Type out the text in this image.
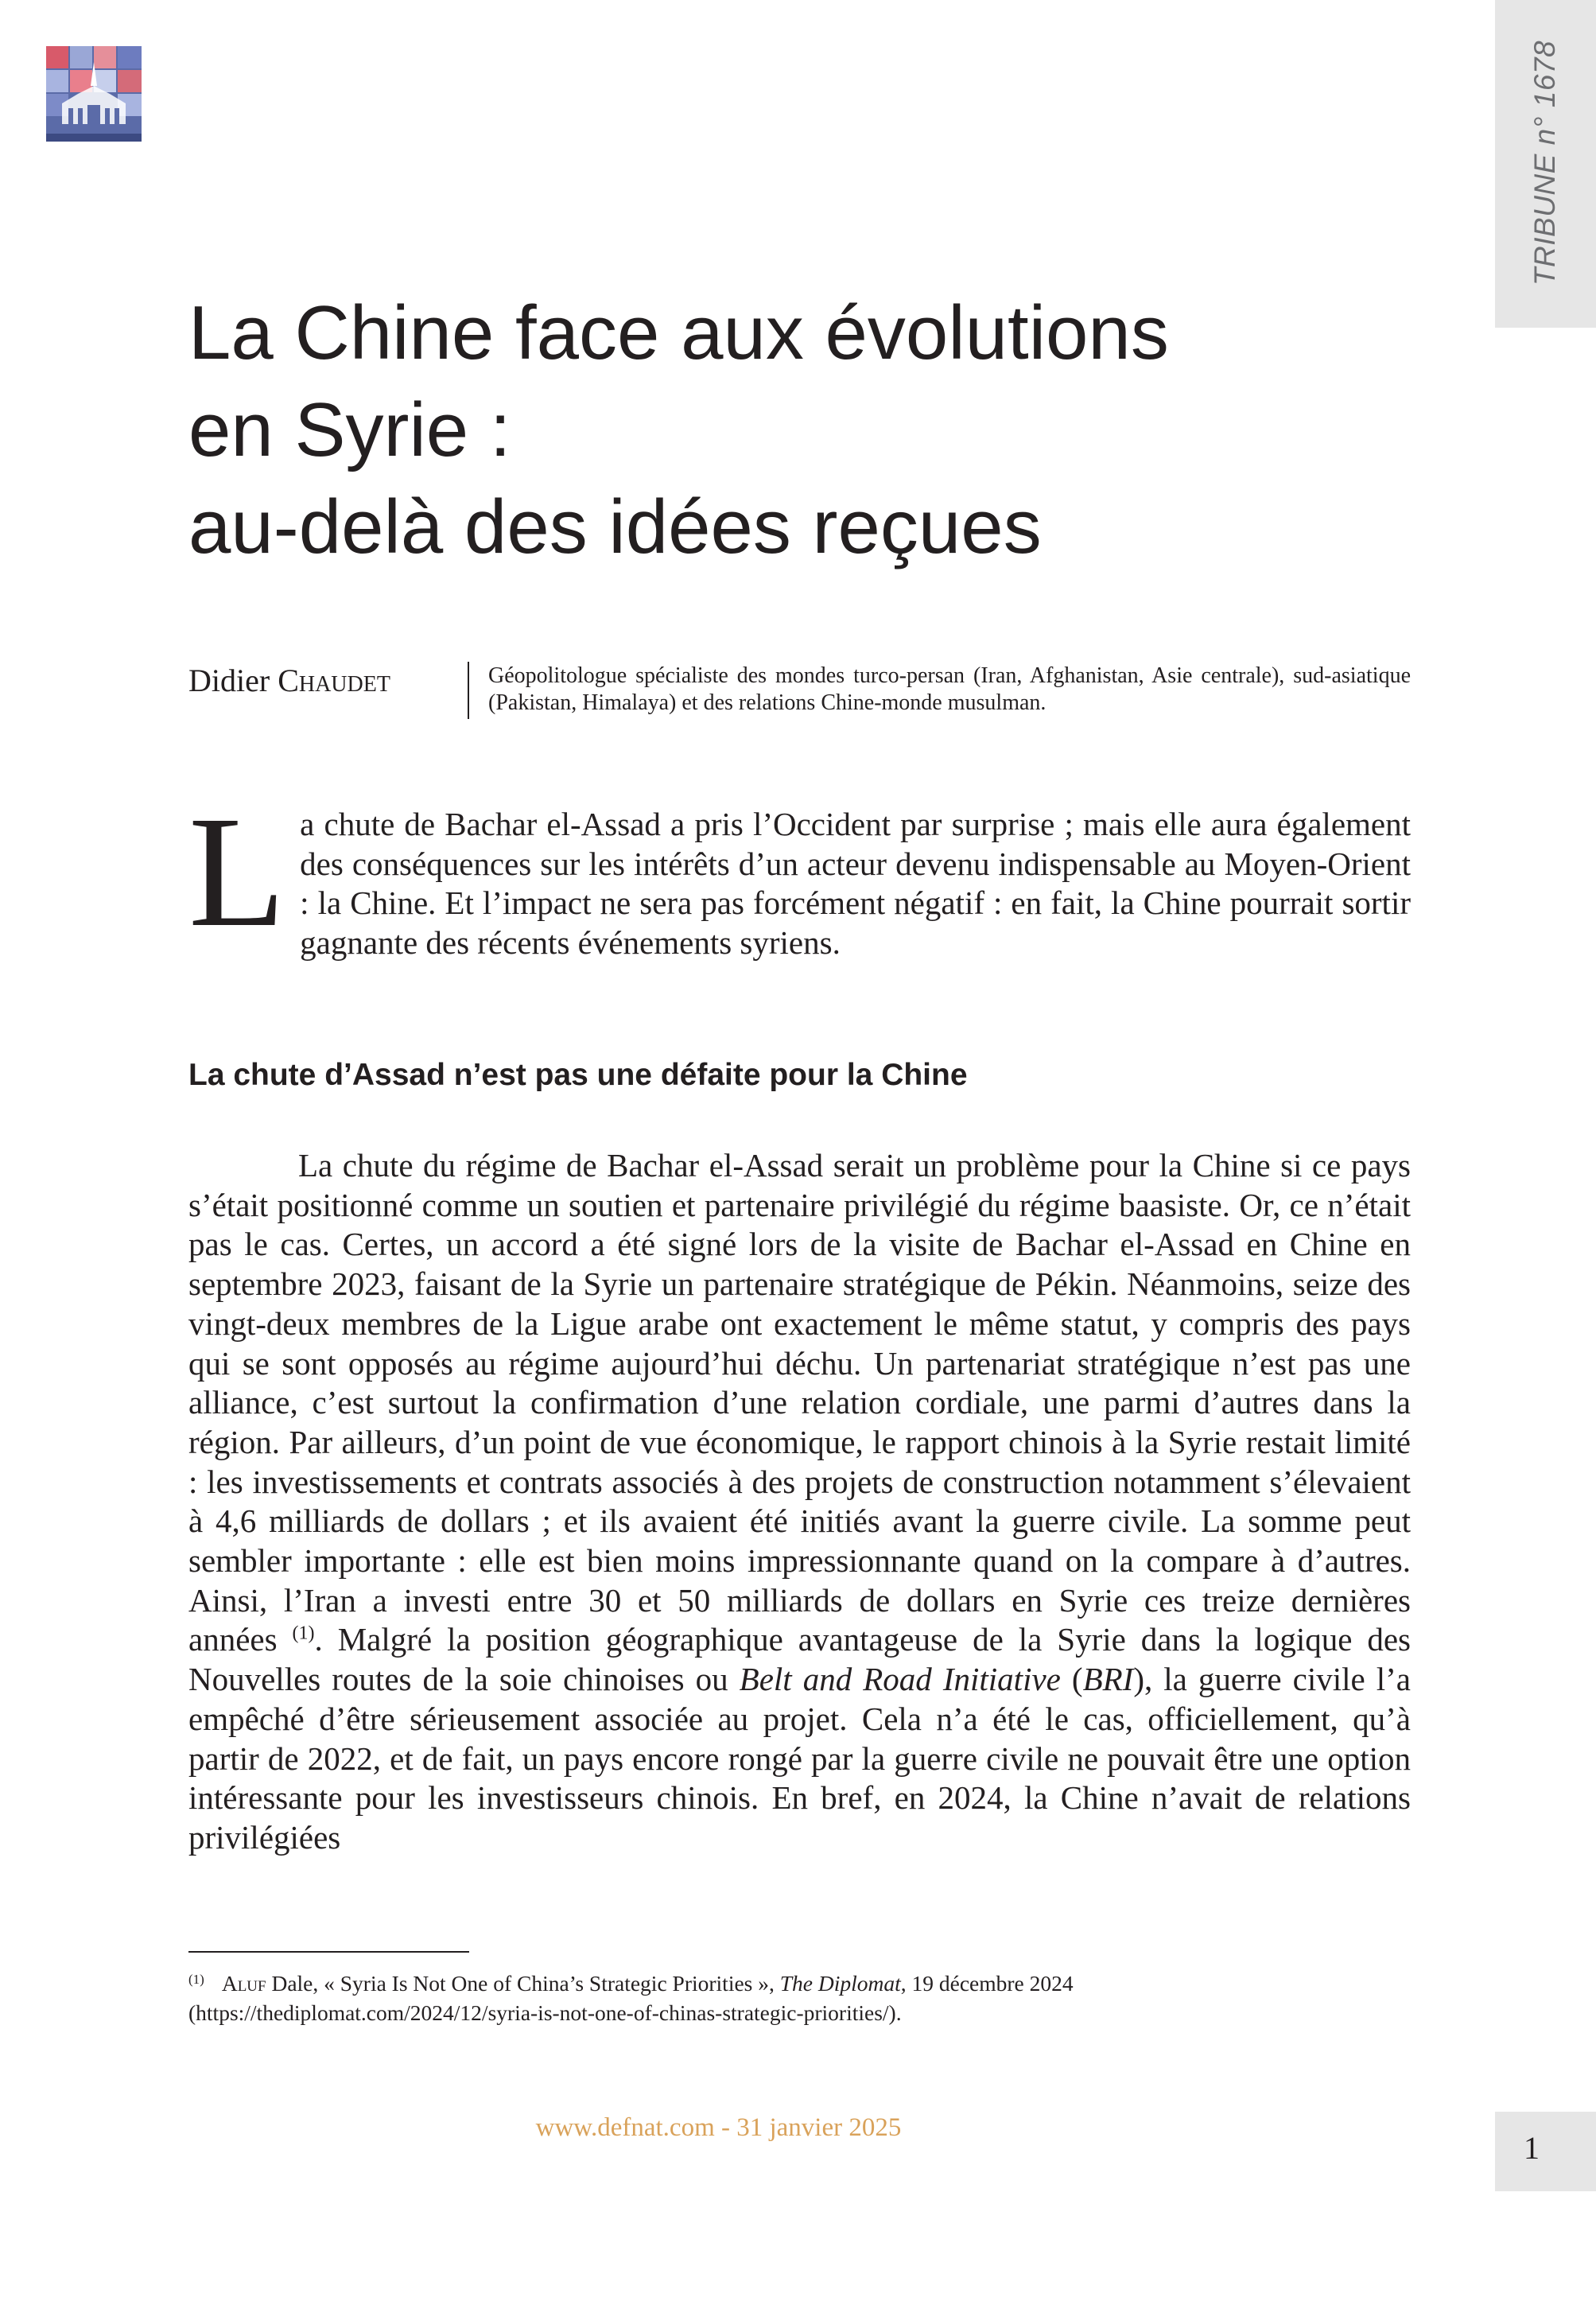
TRIBUNE n° 1678
La Chine face aux évolutions
en Syrie :
au-delà des idées reçues
Didier Chaudet	Géopolitologue spécialiste des mondes turco-persan (Iran, Afghanistan, Asie centrale), sud-asiatique (Pakistan, Himalaya) et des relations Chine-monde musulman.
La chute de Bachar el-Assad a pris l’Occident par surprise ; mais elle aura également des conséquences sur les intérêts d’un acteur devenu indispensable au Moyen-Orient : la Chine. Et l’impact ne sera pas forcément négatif : en fait, la Chine pourrait sortir gagnante des récents événements syriens.
La chute d’Assad n’est pas une défaite pour la Chine

La chute du régime de Bachar el-Assad serait un problème pour la Chine si ce pays s’était positionné comme un soutien et partenaire privilégié du régime baasiste. Or, ce n’était pas le cas. Certes, un accord a été signé lors de la visite de Bachar el-Assad en Chine en septembre 2023, faisant de la Syrie un partenaire stratégique de Pékin. Néanmoins, seize des vingt-deux membres de la Ligue arabe ont exactement le même statut, y compris des pays qui se sont opposés au régime aujourd’hui déchu. Un partenariat stratégique n’est pas une alliance, c’est surtout la confirmation d’une relation cordiale, une parmi d’autres dans la région. Par ailleurs, d’un point de vue économique, le rapport chinois à la Syrie restait limité : les investissements et contrats associés à des projets de construction notamment s’élevaient à 4,6 milliards de dollars ; et ils avaient été initiés avant la guerre civile. La somme peut sembler importante : elle est bien moins impressionnante quand on la compare à d’autres. Ainsi, l’Iran a investi entre 30 et 50 milliards de dollars en Syrie ces treize dernières années $^{(1)}$. Malgré la position géographique avantageuse de la Syrie dans la logique des Nouvelles routes de la soie chinoises ou Belt and Road Initiative (BRI), la guerre civile l’a empêché d’être sérieusement associée au projet. Cela n’a été le cas, officiellement, qu’à partir de 2022, et de fait, un pays encore rongé par la guerre civile ne pouvait être une option intéressante pour les investisseurs chinois. En bref, en 2024, la Chine n’avait de relations privilégiées

$^{(1)}$ Aluf Dale, « Syria Is Not One of China’s Strategic Priorities », The Diplomat, 19 décembre 2024
(https://thediplomat.com/2024/12/syria-is-not-one-of-chinas-strategic-priorities/).
www.defnat.com - 31 janvier 2025
1
